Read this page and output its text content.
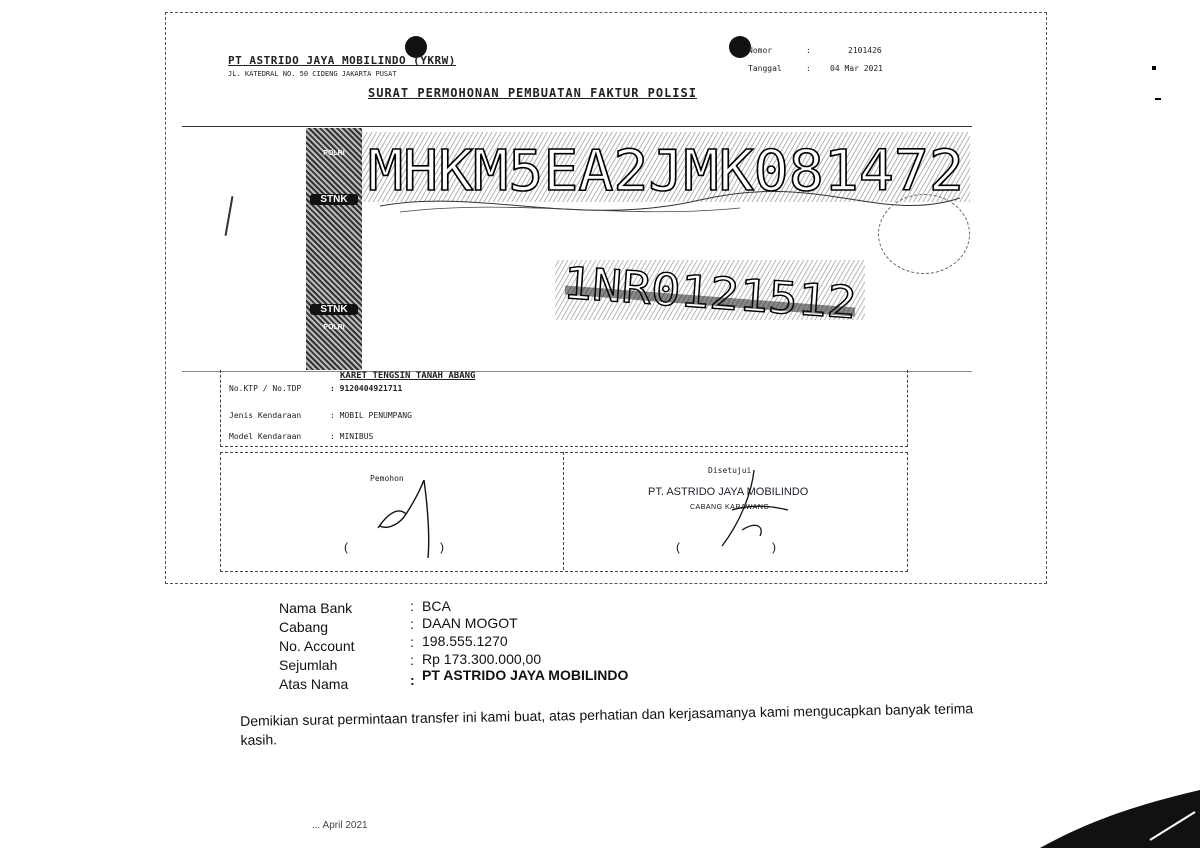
PT ASTRIDO JAYA MOBILINDO (YKRW)
JL. KATEDRAL NO. 50 CIDENG JAKARTA PUSAT
SURAT PERMOHONAN PEMBUATAN FAKTUR POLISI
Nomor	:	2101426
Tanggal	: 04 Mar 2021
STNK
STNK
POLRI
POLRI
MHKM5EA2JMK081472
1NR0121512
KARET TENGSIN TANAH ABANG
No.KTP / No.TDP	: 9120404921711
Jenis Kendaraan	: MOBIL PENUMPANG
Model Kendaraan	: MINIBUS
Pemohon
Disetujui
(	)
PT. ASTRIDO JAYA MOBILINDO
CABANG KARAWANG
(	)
Nama Bank	: BCA
Cabang	: DAAN MOGOT
No. Account	: 198.555.1270
Sejumlah	: Rp 173.300.000,00
Atas Nama	: PT ASTRIDO JAYA MOBILINDO
Demikian surat permintaan transfer ini kami buat, atas perhatian dan kerjasamanya kami mengucapkan banyak terima kasih.
... April 2021
